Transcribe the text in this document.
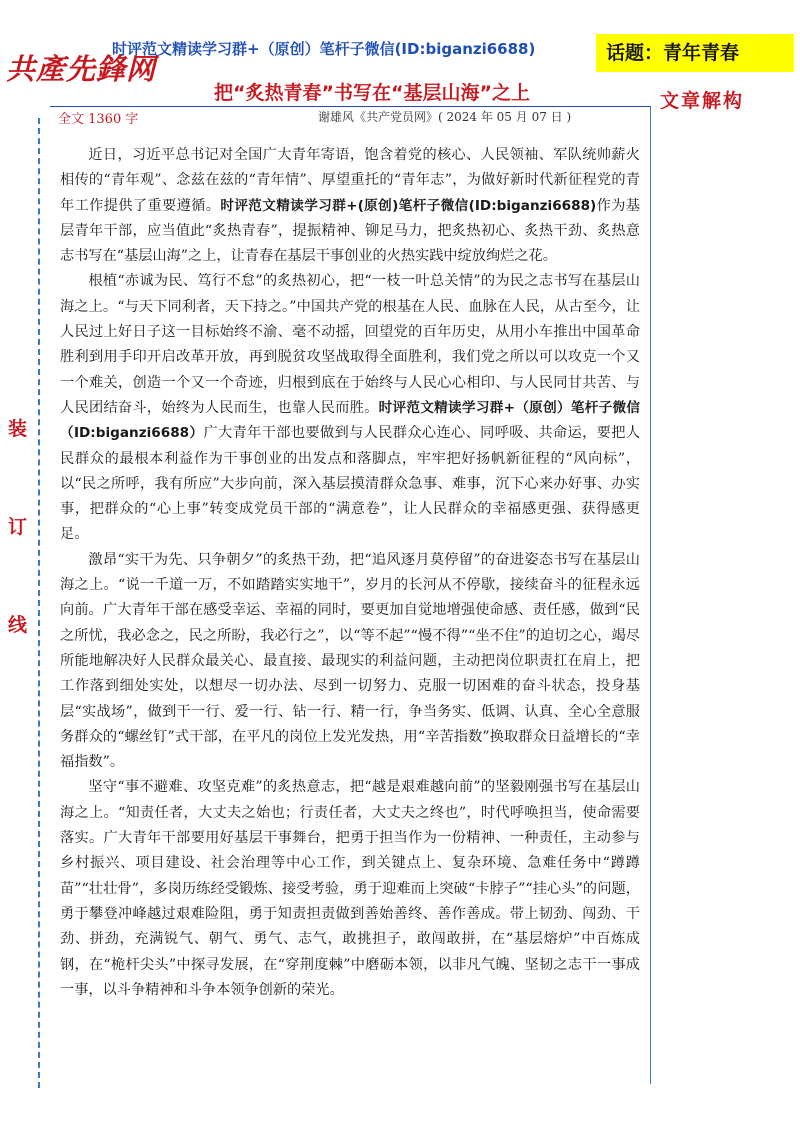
共產先鋒网
时评范文精读学习群+（原创）笔杆子微信(ID:biganzi6688)	话题：青年青春
把“炙热青春”书写在“基层山海”之上	文章解构
全文 1360 字	谢雄风《共产党员网》( 2024 年 05 月 07 日 )
装
订
线

近日，习近平总书记对全国广大青年寄语，饱含着党的核心、人民领袖、军队统帅薪火相传的“青年观”、念兹在兹的“青年情”、厚望重托的“青年志”，为做好新时代新征程党的青年工作提供了重要遵循。时评范文精读学习群+(原创)笔杆子微信(ID:biganzi6688)作为基层青年干部，应当值此“炙热青春”，提振精神、铆足马力，把炙热初心、炙热干劲、炙热意志书写在“基层山海”之上，让青春在基层干事创业的火热实践中绽放绚烂之花。

根植“赤诚为民、笃行不怠”的炙热初心，把“一枝一叶总关情”的为民之志书写在基层山海之上。“与天下同利者，天下持之。”中国共产党的根基在人民、血脉在人民，从古至今，让人民过上好日子这一目标始终不渝、毫不动摇，回望党的百年历史，从用小车推出中国革命胜利到用手印开启改革开放，再到脱贫攻坚战取得全面胜利，我们党之所以可以攻克一个又一个难关，创造一个又一个奇迹，归根到底在于始终与人民心心相印、与人民同甘共苦、与人民团结奋斗，始终为人民而生，也靠人民而胜。时评范文精读学习群+（原创）笔杆子微信（ID:biganzi6688）广大青年干部也要做到与人民群众心连心、同呼吸、共命运，要把人民群众的最根本利益作为干事创业的出发点和落脚点，牢牢把好扬帆新征程的“风向标”，以“民之所呼，我有所应”大步向前，深入基层摸清群众急事、难事，沉下心来办好事、办实事，把群众的“心上事”转变成党员干部的“满意卷”，让人民群众的幸福感更强、获得感更足。

激昂“实干为先、只争朝夕”的炙热干劲，把“追风逐月莫停留”的奋进姿态书写在基层山海之上。“说一千道一万，不如踏踏实实地干”，岁月的长河从不停歇，接续奋斗的征程永远向前。广大青年干部在感受幸运、幸福的同时，要更加自觉地增强使命感、责任感，做到“民之所忧，我必念之，民之所盼，我必行之”，以“等不起”“慢不得”“坐不住”的迫切之心，竭尽所能地解决好人民群众最关心、最直接、最现实的利益问题，主动把岗位职责扛在肩上，把工作落到细处实处，以想尽一切办法、尽到一切努力、克服一切困难的奋斗状态，投身基层“实战场”，做到干一行、爱一行、钻一行、精一行，争当务实、低调、认真、全心全意服务群众的“螺丝钉”式干部，在平凡的岗位上发光发热，用“辛苦指数”换取群众日益增长的“幸福指数”。

坚守“事不避难、攻坚克难”的炙热意志，把“越是艰难越向前”的坚毅刚强书写在基层山海之上。“知责任者，大丈夫之始也；行责任者，大丈夫之终也”，时代呼唤担当，使命需要落实。广大青年干部要用好基层干事舞台，把勇于担当作为一份精神、一种责任，主动参与乡村振兴、项目建设、社会治理等中心工作，到关键点上、复杂环境、急难任务中“蹲蹲苗”“壮壮骨”，多岗历练经受锻炼、接受考验，勇于迎难而上突破“卡脖子”“挂心头”的问题，勇于攀登冲峰越过艰难险阻，勇于知责担责做到善始善终、善作善成。带上韧劲、闯劲、干劲、拼劲，充满锐气、朝气、勇气、志气，敢挑担子，敢闯敢拼，在“基层熔炉”中百炼成钢，在“桅杆尖头”中探寻发展，在“穿荆度棘”中磨砺本领，以非凡气魄、坚韧之志干一事成一事，以斗争精神和斗争本领争创新的荣光。
